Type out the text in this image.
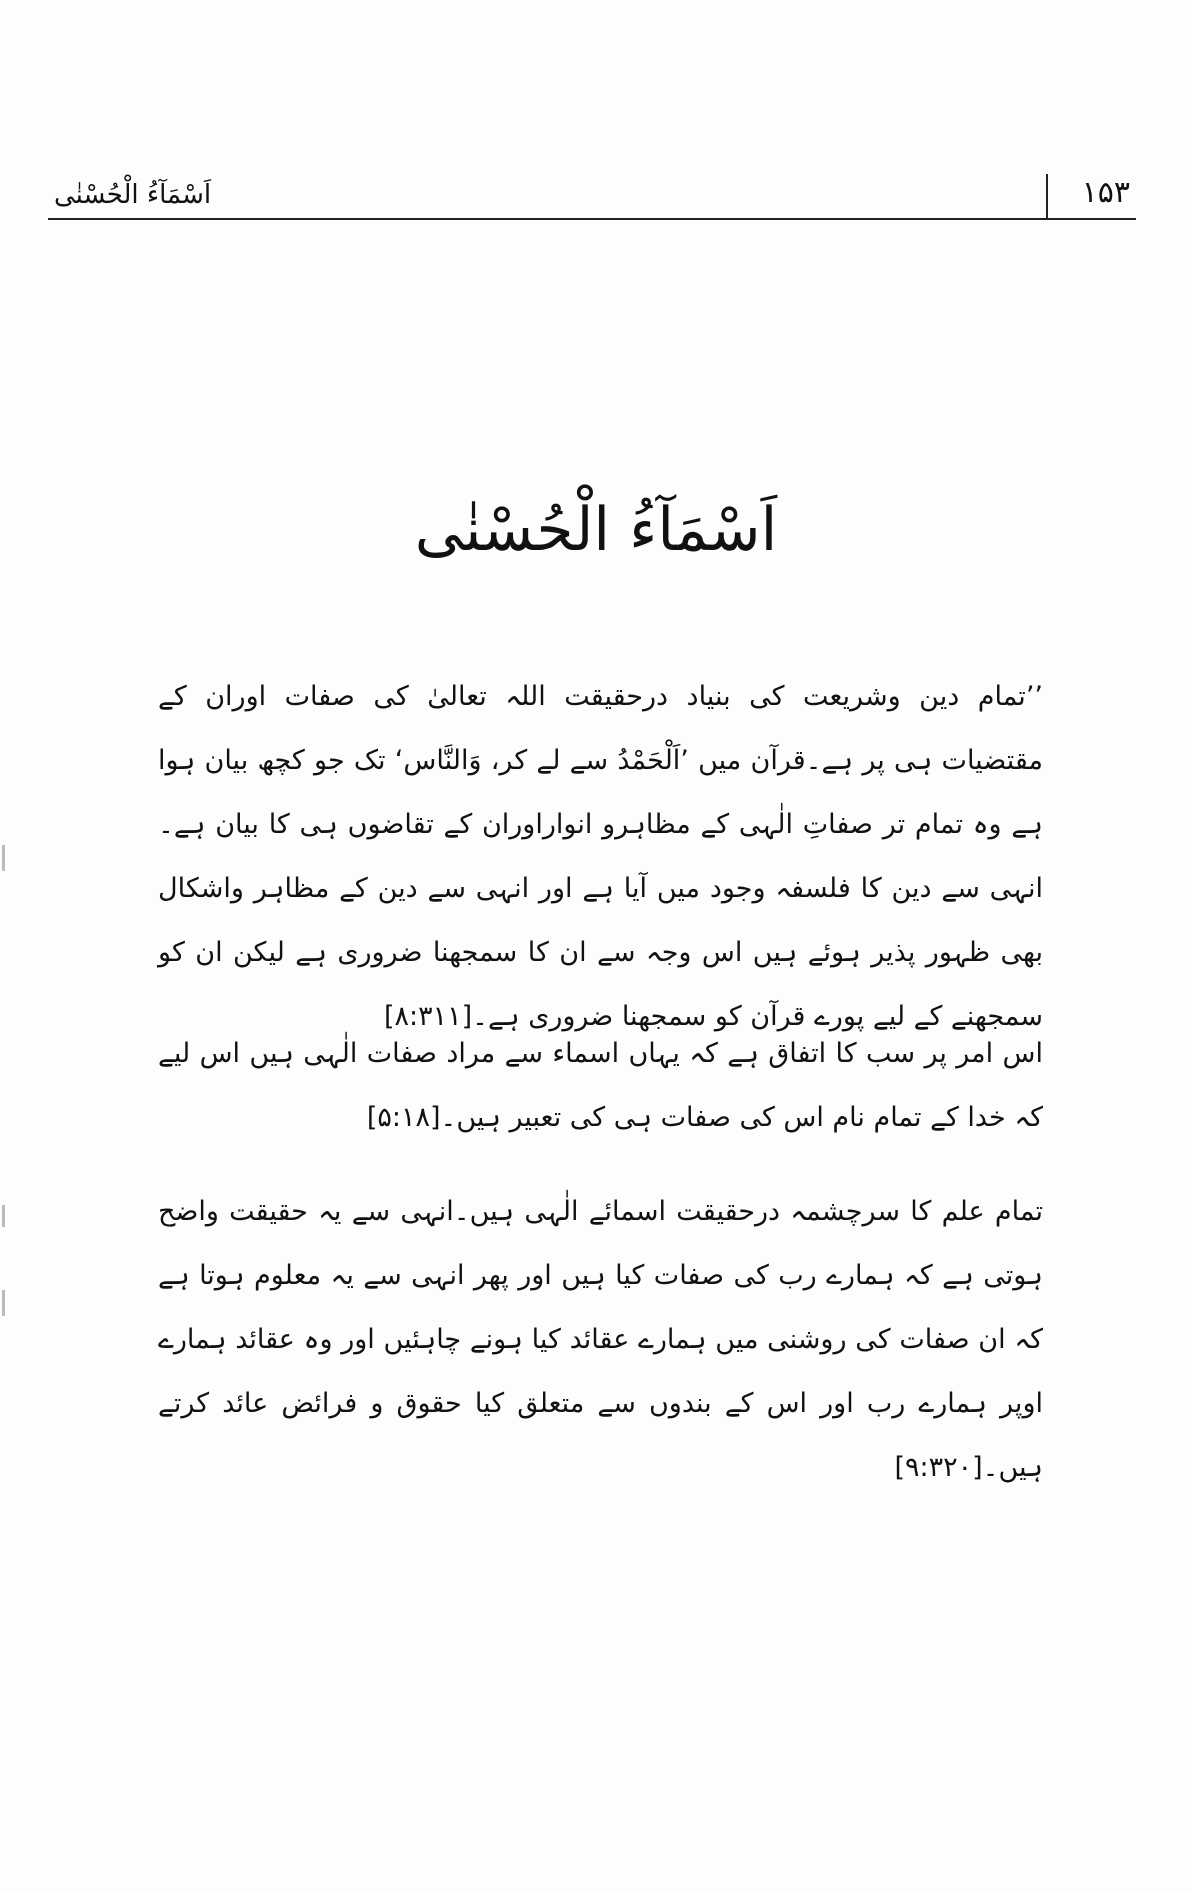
اَسْمَآءُ الْحُسْنٰی	۱۵۳
اَسْمَآءُ الْحُسْنٰی

’’تمام دین وشریعت کی بنیاد درحقیقت اللہ تعالیٰ کی صفات اوران کے مقتضیات ہی پر ہے۔قرآن میں ’اَلْحَمْدُ سے لے کر، وَالنَّاس‘ تک جو کچھ بیان ہوا ہے وہ تمام تر صفاتِ الٰہی کے مظاہرو انواراوران کے تقاضوں ہی کا بیان ہے۔انہی سے دین کا فلسفہ وجود میں آیا ہے اور انہی سے دین کے مظاہر واشکال بھی ظہور پذیر ہوئے ہیں اس وجہ سے ان کا سمجھنا ضروری ہے لیکن ان کو سمجھنے کے لیے پورے قرآن کو سمجھنا ضروری ہے۔[۸:۳۱۱]

اس امر پر سب کا اتفاق ہے کہ یہاں اسماء سے مراد صفات الٰہی ہیں اس لیے کہ خدا کے تمام نام اس کی صفات ہی کی تعبیر ہیں۔[۵:۱۸]

تمام علم کا سرچشمہ درحقیقت اسمائے الٰہی ہیں۔انہی سے یہ حقیقت واضح ہوتی ہے کہ ہمارے رب کی صفات کیا ہیں اور پھر انہی سے یہ معلوم ہوتا ہے کہ ان صفات کی روشنی میں ہمارے عقائد کیا ہونے چاہئیں اور وہ عقائد ہمارے اوپر ہمارے رب اور اس کے بندوں سے متعلق کیا حقوق و فرائض عائد کرتے ہیں۔[۹:۳۲۰]
